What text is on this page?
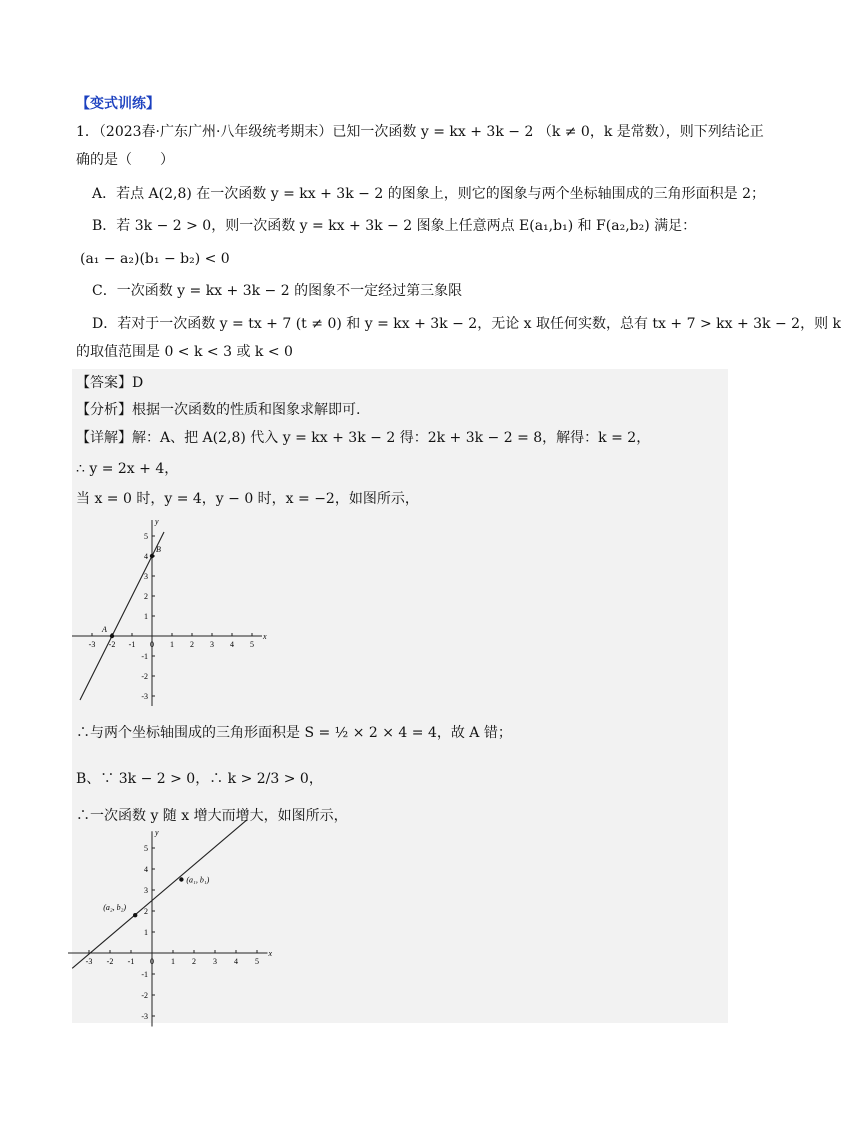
【变式训练】
1．（2023春·广东广州·八年级统考期末）已知一次函数 y = kx + 3k − 2 （k ≠ 0，k 是常数），则下列结论正
确的是（　　）
A．若点 A(2,8) 在一次函数 y = kx + 3k − 2 的图象上，则它的图象与两个坐标轴围成的三角形面积是 2；
B．若 3k − 2 > 0，则一次函数 y = kx + 3k − 2 图象上任意两点 E(a₁,b₁) 和 F(a₂,b₂) 满足：
(a₁ − a₂)(b₁ − b₂) < 0
C．一次函数 y = kx + 3k − 2 的图象不一定经过第三象限
D．若对于一次函数 y = tx + 7 (t ≠ 0) 和 y = kx + 3k − 2，无论 x 取任何实数，总有 tx + 7 > kx + 3k − 2，则 k
的取值范围是 0 < k < 3 或 k < 0
【答案】D
【分析】根据一次函数的性质和图象求解即可.
【详解】解：A、把 A(2,8) 代入 y = kx + 3k − 2 得：2k + 3k − 2 = 8，解得：k = 2，
∴ y = 2x + 4，
当 x = 0 时，y = 4，y − 0 时，x = −2，如图所示，
x
y
-3 -2 -1 0 1 2 3 4 5
-3
-2
-1
1
2
3
4
5
A
B
∴与两个坐标轴围成的三角形面积是 S = ½ × 2 × 4 = 4，故 A 错；
B、∵ 3k − 2 > 0，∴ k > 2/3 > 0，
∴一次函数 y 随 x 增大而增大，如图所示，
x
y
-3 -2 -1 0 1 2 3 4 5
-3
-2
-1
1
2
3
4
5
(a₂, b₂)
(a₁, b₁)
